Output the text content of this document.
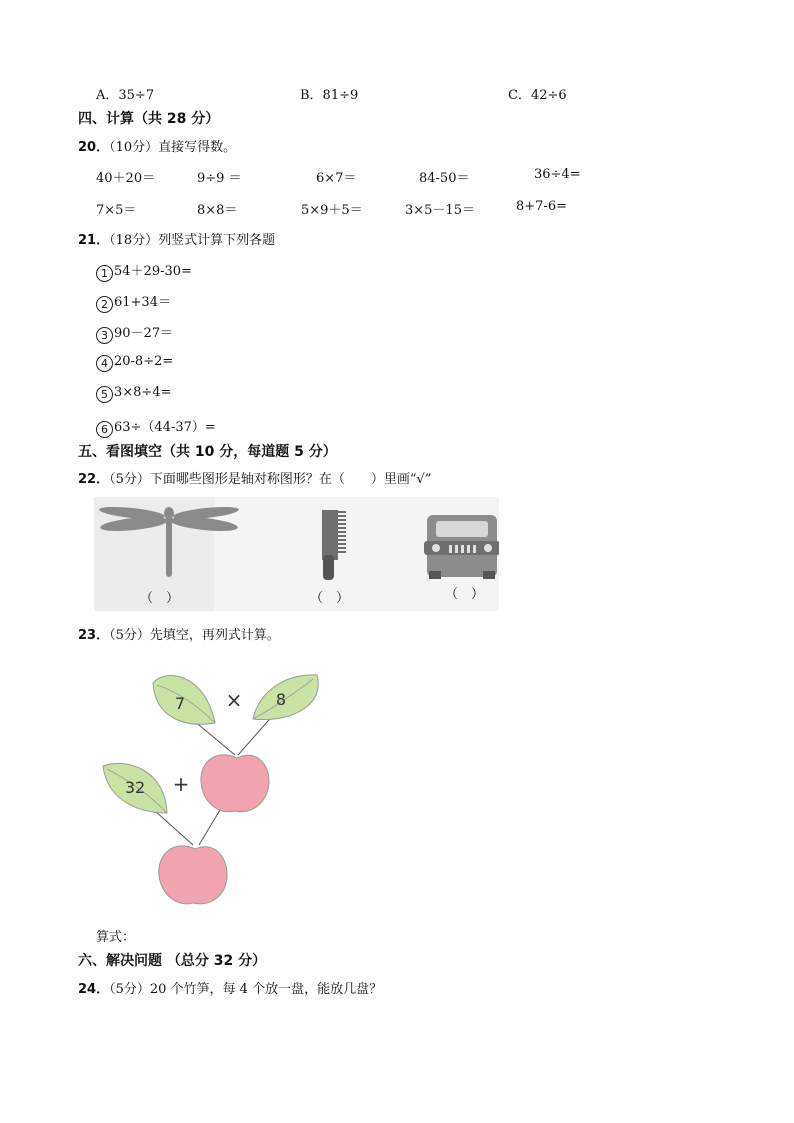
A．35÷7	B．81÷9	C．42÷6
四、计算（共 28 分）
20．（10分）直接写得数。
40＋20＝	9÷9 ＝	6×7＝	84-50＝	36÷4=
7×5＝	8×8＝	5×9＋5＝	3×5－15＝	8+7-6=
21．（18分）列竖式计算下列各题
1 54＋29-30=
2 61+34＝
3 90－27＝
4 20-8÷2=
5 3×8÷4=
6 63÷（44-37）=
五、看图填空（共 10 分，每道题 5 分）
22．（5分）下面哪些图形是轴对称图形？在（　　）里画“√”
（　）	（　）	（　）
23．（5分）先填空，再列式计算。
7 × 8
32 +
算式：
六、解决问题 （总分 32 分）
24．（5分）20 个竹笋，每 4 个放一盘，能放几盘？
